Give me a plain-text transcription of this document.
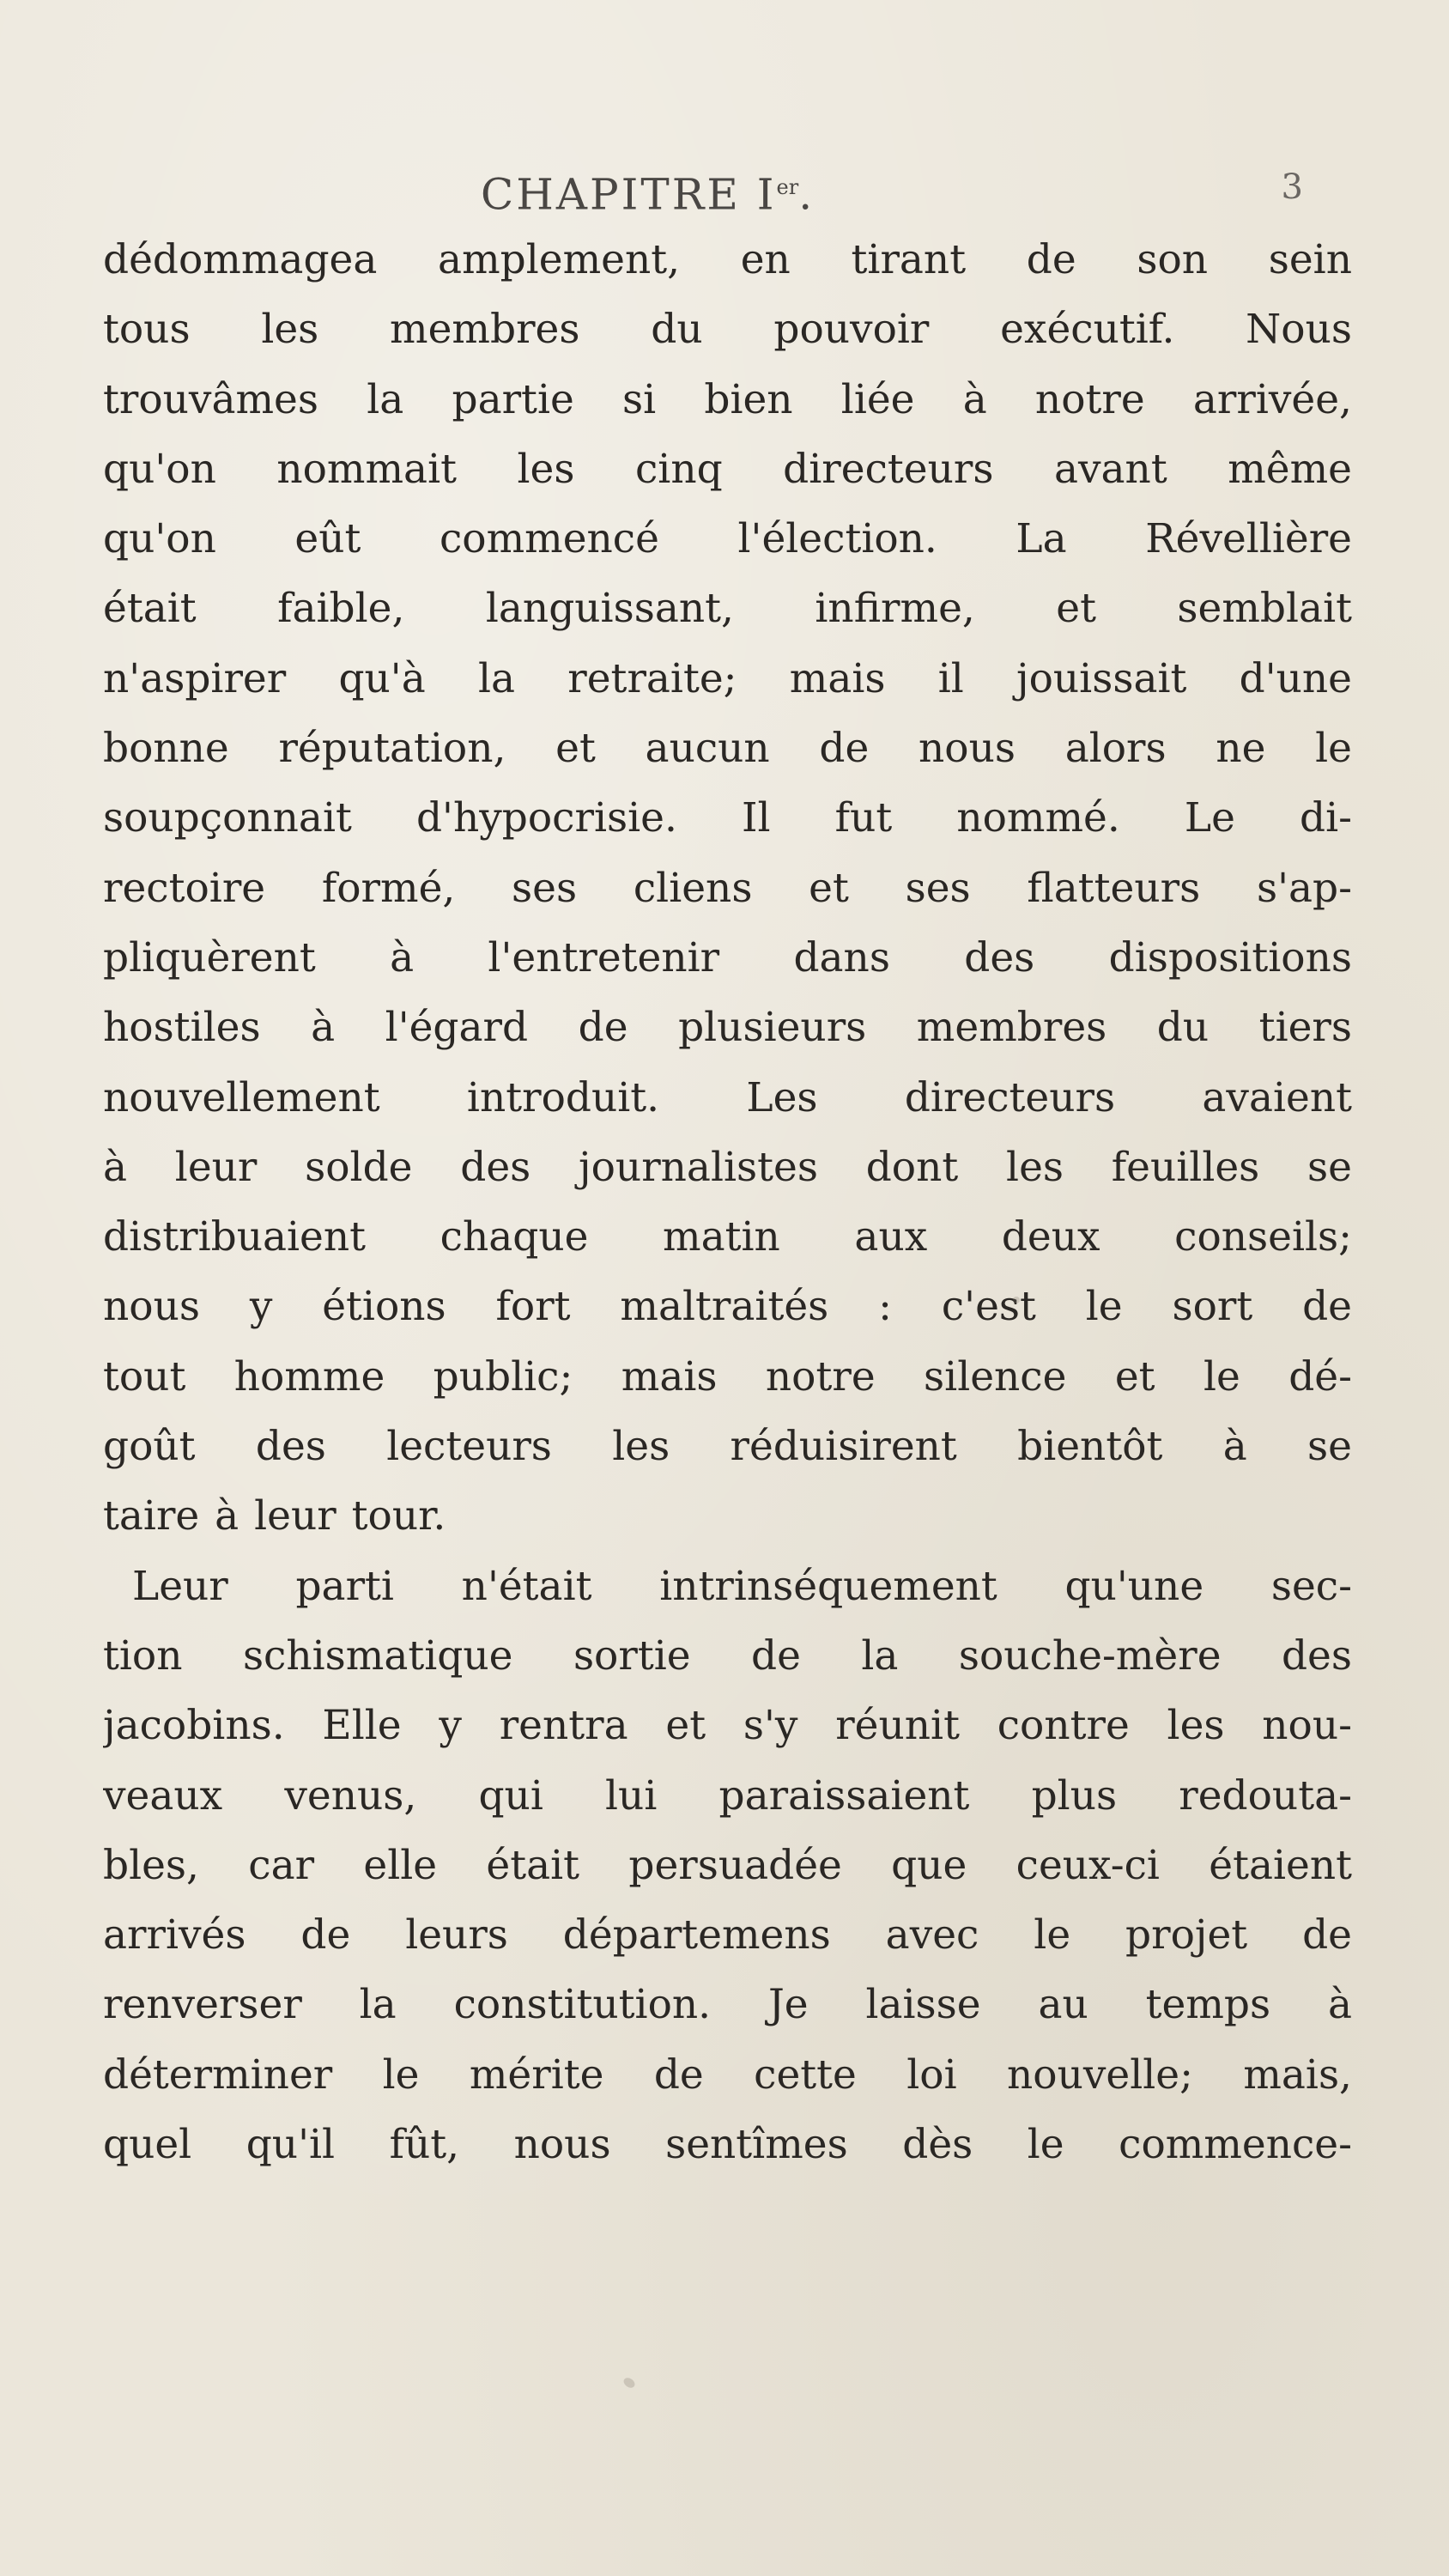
CHAPITRE Ier.	3
dédommagea amplement, en tirant de son sein
tous les membres du pouvoir exécutif. Nous
trouvâmes la partie si bien liée à notre arrivée,
qu'on nommait les cinq directeurs avant même
qu'on eût commencé l'élection. La Révellière
était faible, languissant, infirme, et semblait
n'aspirer qu'à la retraite; mais il jouissait d'une
bonne réputation, et aucun de nous alors ne le
soupçonnait d'hypocrisie. Il fut nommé. Le di-
rectoire formé, ses cliens et ses flatteurs s'ap-
pliquèrent à l'entretenir dans des dispositions
hostiles à l'égard de plusieurs membres du tiers
nouvellement introduit. Les directeurs avaient
à leur solde des journalistes dont les feuilles se
distribuaient chaque matin aux deux conseils;
nous y étions fort maltraités : c'est le sort de
tout homme public; mais notre silence et le dé-
goût des lecteurs les réduisirent bientôt à se
taire à leur tour.
Leur parti n'était intrinséquement qu'une sec-
tion schismatique sortie de la souche-mère des
jacobins. Elle y rentra et s'y réunit contre les nou-
veaux venus, qui lui paraissaient plus redouta-
bles, car elle était persuadée que ceux-ci étaient
arrivés de leurs départemens avec le projet de
renverser la constitution. Je laisse au temps à
déterminer le mérite de cette loi nouvelle; mais,
quel qu'il fût, nous sentîmes dès le commence-
